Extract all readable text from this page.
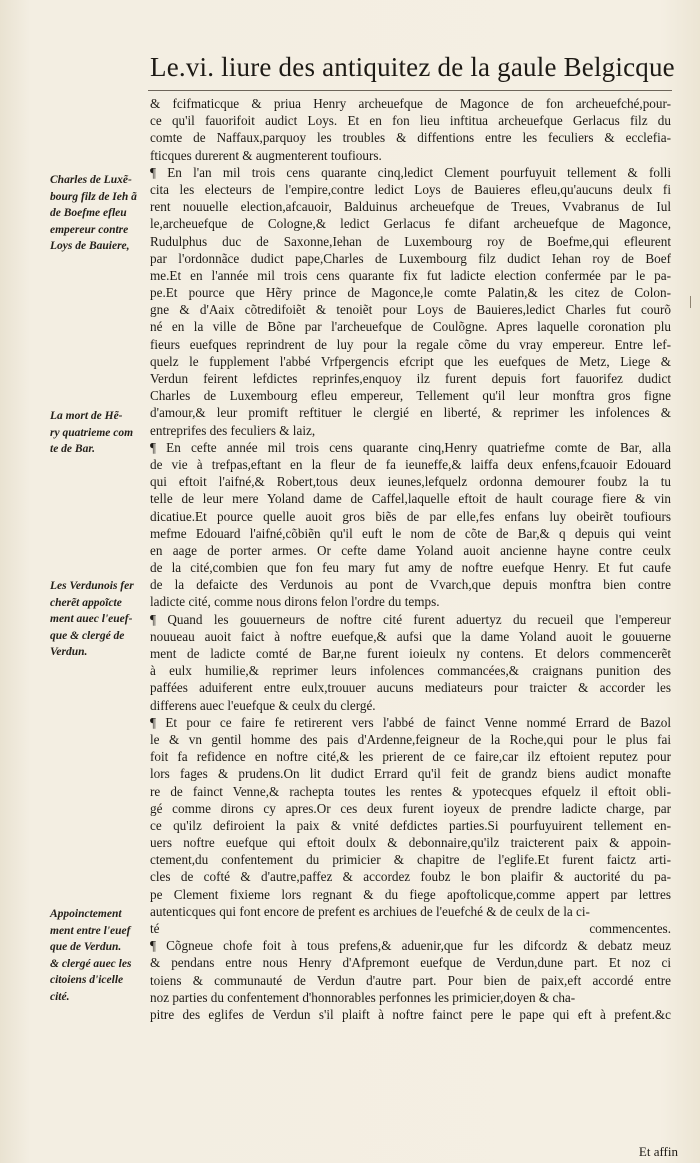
Le.vi. liure des antiquitez de la gaule Belgicque
Charles de Luxẽ-
bourg filz de Ieh ã
de Boefme efleu
empereur contre
Loys de Bauiere,
La mort de Hẽ-
ry quatrieme com
te de Bar.
Les Verdunois fer
cherẽt appoĩcte
ment auec l'euef-
que & clergé de
Verdun.
Appoinctement
ment entre l'euef
que de Verdun.
& clergé auec les
citoiens d'icelle
cité.
& fcifmaticque & priua Henry archeuefque de Magonce de fon archeuefché,pour-
ce qu'il fauorifoit audict Loys. Et en fon lieu inftitua archeuefque Gerlacus filz du
comte de Naffaux,parquoy les troubles & diffentions entre les feculiers & ecclefia-
fticques durerent & augmenterent toufiours.
¶ En l'an mil trois cens quarante cinq,ledict Clement pourfuyuit tellement & folli
cita les electeurs de l'empire,contre ledict Loys de Bauieres efleu,qu'aucuns deulx fi
rent nouuelle election,afcauoir, Balduinus archeuefque de Treues, Vvabranus de Iul
le,archeuefque de Cologne,& ledict Gerlacus fe difant archeuefque de Magonce,
Rudulphus duc de Saxonne,Iehan de Luxembourg roy de Boefme,qui efleurent
par l'ordonnãce dudict pape,Charles de Luxembourg filz dudict Iehan roy de Boef
me.Et en l'année mil trois cens quarante fix fut ladicte election confermée par le pa-
pe.Et pource que Hẽry prince de Magonce,le comte Palatin,& les citez de Colon-
gne & d'Aaix cõtredifoiẽt & tenoiẽt pour Loys de Bauieres,ledict Charles fut courõ
né en la ville de Bõne par l'archeuefque de Coulõgne. Apres laquelle coronation plu
fieurs euefques reprindrent de luy pour la regale cõme du vray empereur. Entre lef-
quelz le fupplement l'abbé Vrfpergencis efcript que les euefques de Metz, Liege &
Verdun feirent lefdictes reprinfes,enquoy ilz furent depuis fort fauorifez dudict
Charles de Luxembourg efleu empereur, Tellement qu'il leur monftra gros figne
d'amour,& leur promift reftituer le clergié en liberté, & reprimer les infolences &
entreprifes des feculiers & laiz,
¶ En cefte année mil trois cens quarante cinq,Henry quatriefme comte de Bar, alla
de vie à trefpas,eftant en la fleur de fa ieuneffe,& laiffa deux enfens,fcauoir Edouard
qui eftoit l'aifné,& Robert,tous deux ieunes,lefquelz ordonna demourer foubz la tu
telle de leur mere Yoland dame de Caffel,laquelle eftoit de hault courage fiere & vin
dicatiue.Et pource quelle auoit gros biẽs de par elle,fes enfans luy obeirẽt toufiours
mefme Edouard l'aifné,cõbiẽn qu'il euft le nom de cõte de Bar,& q depuis qui veint
en aage de porter armes. Or cefte dame Yoland auoit ancienne hayne contre ceulx
de la cité,combien que fon feu mary fut amy de noftre euefque Henry. Et fut caufe
de la defaicte des Verdunois au pont de Vvarch,que depuis monftra bien contre
ladicte cité, comme nous dirons felon l'ordre du temps.
¶ Quand les gouuerneurs de noftre cité furent aduertyz du recueil que l'empereur
nouueau auoit faict à noftre euefque,& aufsi que la dame Yoland auoit le gouuerne
ment de ladicte comté de Bar,ne furent ioieulx ny contens. Et delors commencerẽt
à eulx humilie,& reprimer leurs infolences commancées,& craignans punition des
paffées aduiferent entre eulx,trouuer aucuns mediateurs pour traicter & accorder les
differens auec l'euefque & ceulx du clergé.
¶ Et pour ce faire fe retirerent vers l'abbé de fainct Venne nommé Errard de Bazol
le & vn gentil homme des pais d'Ardenne,feigneur de la Roche,qui pour le plus fai
foit fa refidence en noftre cité,& les prierent de ce faire,car ilz eftoient reputez pour
lors fages & prudens.On lit dudict Errard qu'il feit de grandz biens audict monafte
re de fainct Venne,& rachepta toutes les rentes & ypotecques efquelz il eftoit obli-
gé comme dirons cy apres.Or ces deux furent ioyeux de prendre ladicte charge, par
ce qu'ilz defiroient la paix & vnité defdictes parties.Si pourfuyuirent tellement en-
uers noftre euefque qui eftoit doulx & debonnaire,qu'ilz traicterent paix & appoin-
ctement,du confentement du primicier & chapitre de l'eglife.Et furent faictz arti-
cles de cofté & d'autre,paffez & accordez foubz le bon plaifir & auctorité du pa-
pe Clement fixieme lors regnant & du fiege apoftolicque,comme appert par lettres
autenticques qui font encore de prefent es archiues de l'euefché & de ceulx de la ci-
té commencentes.
¶ Cõgneue chofe foit à tous prefens,& aduenir,que fur les difcordz & debatz meuz
& pendans entre nous Henry d'Afpremont euefque de Verdun,dune part. Et noz ci
toiens & communauté de Verdun d'autre part. Pour bien de paix,eft accordé entre
noz parties du confentement d'honnorables perfonnes les primicier,doyen & cha-
pitre des eglifes de Verdun s'il plaift à noftre fainct pere le pape qui eft à prefent.&c
Et affin
